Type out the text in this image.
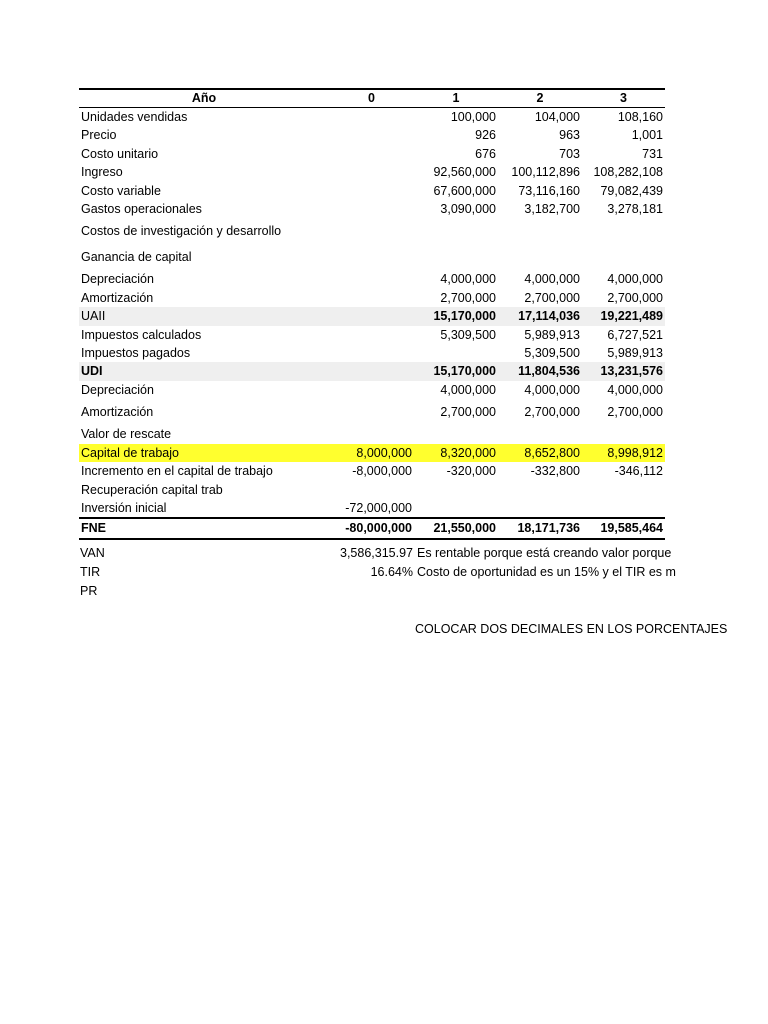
Año	0	1	2	3
Unidades vendidas		100,000	104,000	108,160
Precio		926	963	1,001
Costo unitario		676	703	731
Ingreso		92,560,000	100,112,896	108,282,108
Costo variable		67,600,000	73,116,160	79,082,439
Gastos operacionales		3,090,000	3,182,700	3,278,181
Costos de investigación y desarrollo				
Ganancia de capital				
Depreciación		4,000,000	4,000,000	4,000,000
Amortización		2,700,000	2,700,000	2,700,000
UAII		15,170,000	17,114,036	19,221,489
Impuestos calculados		5,309,500	5,989,913	6,727,521
Impuestos pagados			5,309,500	5,989,913
UDI		15,170,000	11,804,536	13,231,576
Depreciación		4,000,000	4,000,000	4,000,000
Amortización		2,700,000	2,700,000	2,700,000
Valor de rescate				
Capital de trabajo	8,000,000	8,320,000	8,652,800	8,998,912
Incremento en el capital de trabajo	-8,000,000	-320,000	-332,800	-346,112
Recuperación capital trab				
Inversión inicial	-72,000,000			
FNE	-80,000,000	21,550,000	18,171,736	19,585,464
VAN	3,586,315.97 Es rentable porque está creando valor porque
TIR	16.64% Costo de oportunidad es un 15% y el TIR es m
PR
COLOCAR DOS DECIMALES EN LOS PORCENTAJES
